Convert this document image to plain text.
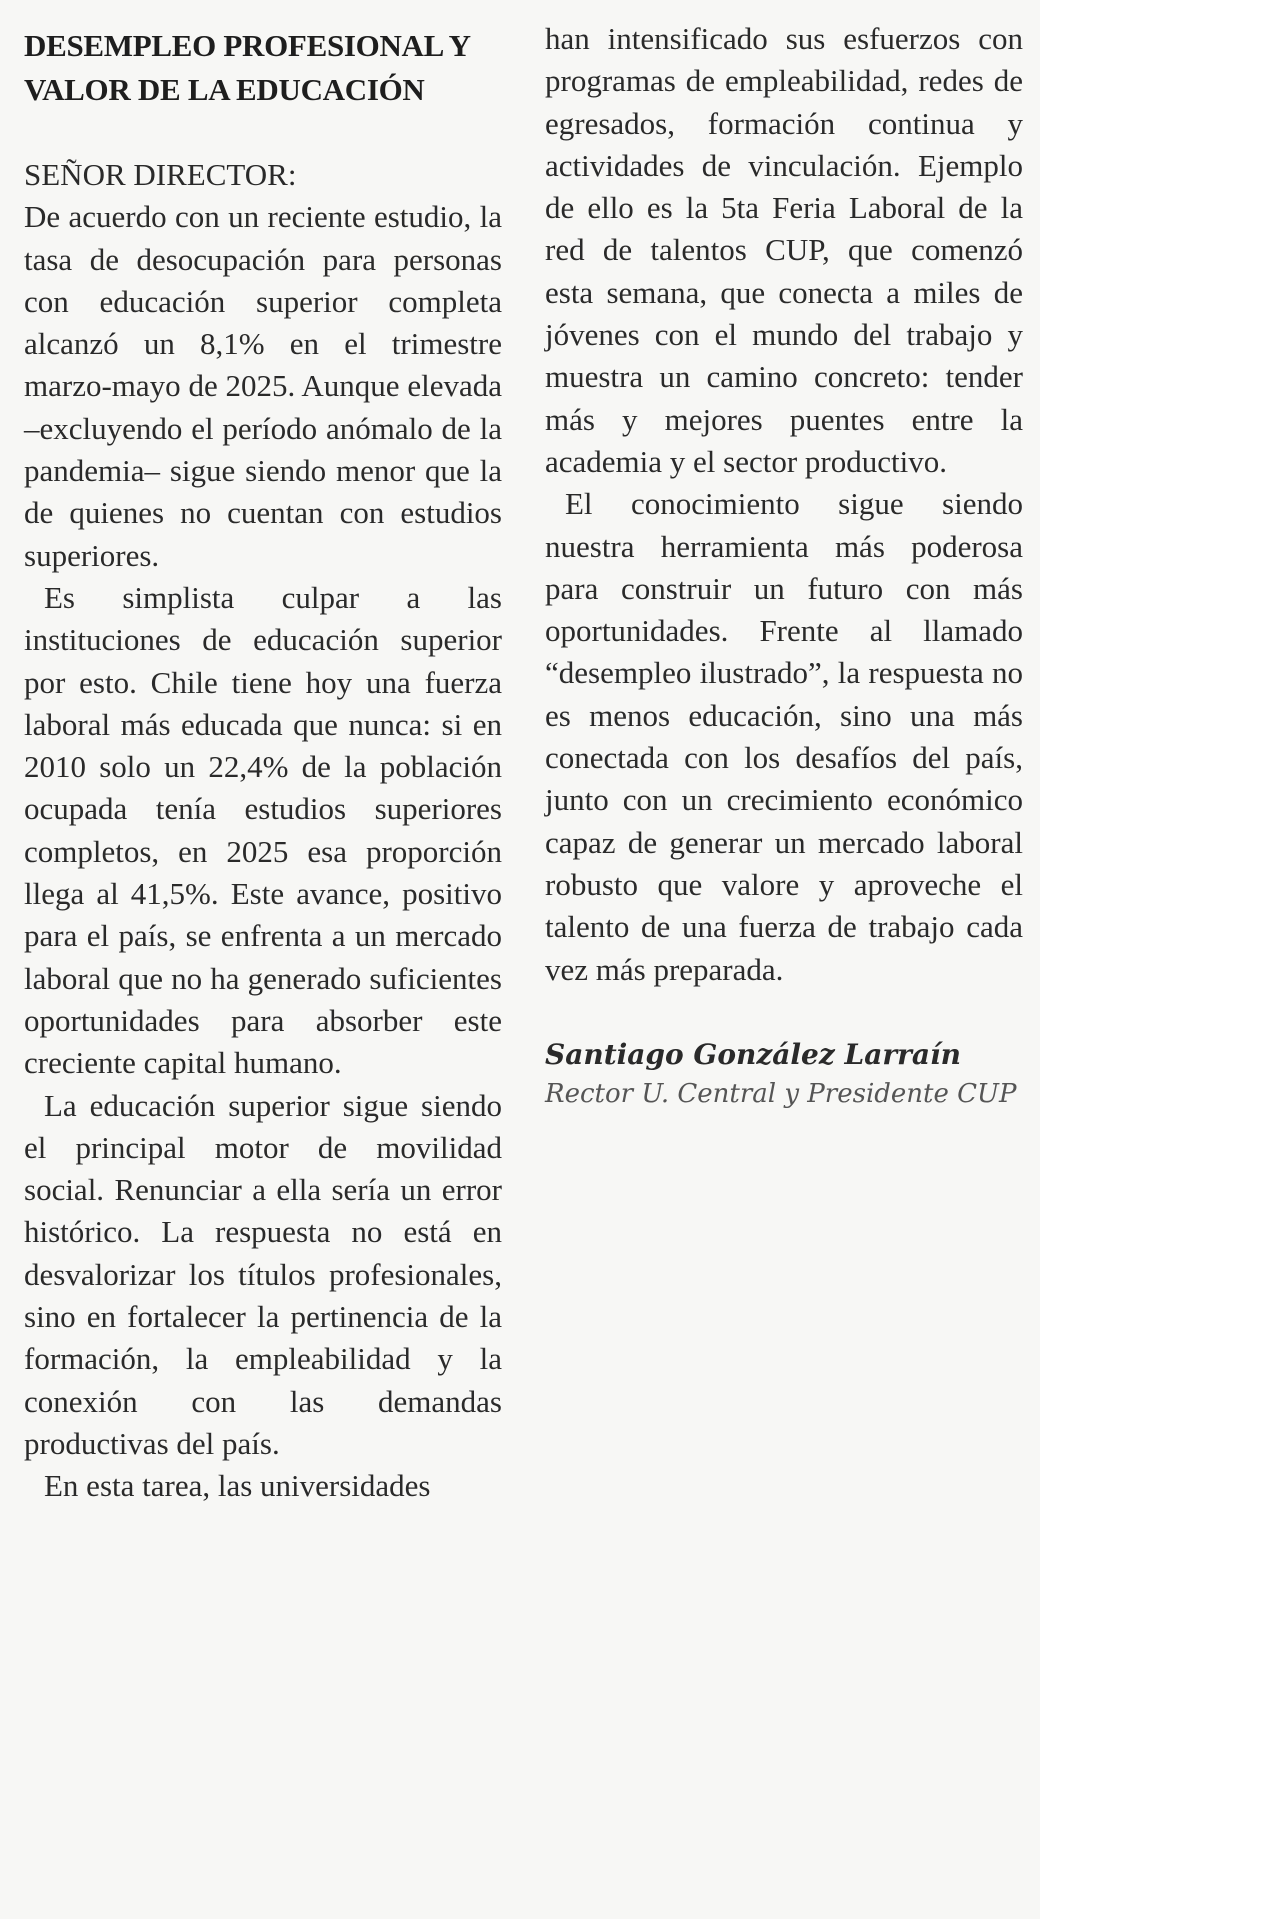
DESEMPLEO PROFESIONAL Y VALOR DE LA EDUCACIÓN

SEÑOR DIRECTOR:

De acuerdo con un reciente estudio, la tasa de desocupación para personas con educación superior completa alcanzó un 8,1% en el trimestre marzo-mayo de 2025. Aunque elevada –excluyendo el período anómalo de la pandemia– sigue siendo menor que la de quienes no cuentan con estudios superiores.

Es simplista culpar a las instituciones de educación superior por esto. Chile tiene hoy una fuerza laboral más educada que nunca: si en 2010 solo un 22,4% de la población ocupada tenía estudios superiores completos, en 2025 esa proporción llega al 41,5%. Este avance, positivo para el país, se enfrenta a un mercado laboral que no ha generado suficientes oportunidades para absorber este creciente capital humano.

La educación superior sigue siendo el principal motor de movilidad social. Renunciar a ella sería un error histórico. La respuesta no está en desvalorizar los títulos profesionales, sino en fortalecer la pertinencia de la formación, la empleabilidad y la conexión con las demandas productivas del país.

En esta tarea, las universidades

han intensificado sus esfuerzos con programas de empleabilidad, redes de egresados, formación continua y actividades de vinculación. Ejemplo de ello es la 5ta Feria Laboral de la red de talentos CUP, que comenzó esta semana, que conecta a miles de jóvenes con el mundo del trabajo y muestra un camino concreto: tender más y mejores puentes entre la academia y el sector productivo.

El conocimiento sigue siendo nuestra herramienta más poderosa para construir un futuro con más oportunidades. Frente al llamado “desempleo ilustrado”, la respuesta no es menos educación, sino una más conectada con los desafíos del país, junto con un crecimiento económico capaz de generar un mercado laboral robusto que valore y aproveche el talento de una fuerza de trabajo cada vez más preparada.

Santiago González Larraín
Rector U. Central y Presidente CUP
